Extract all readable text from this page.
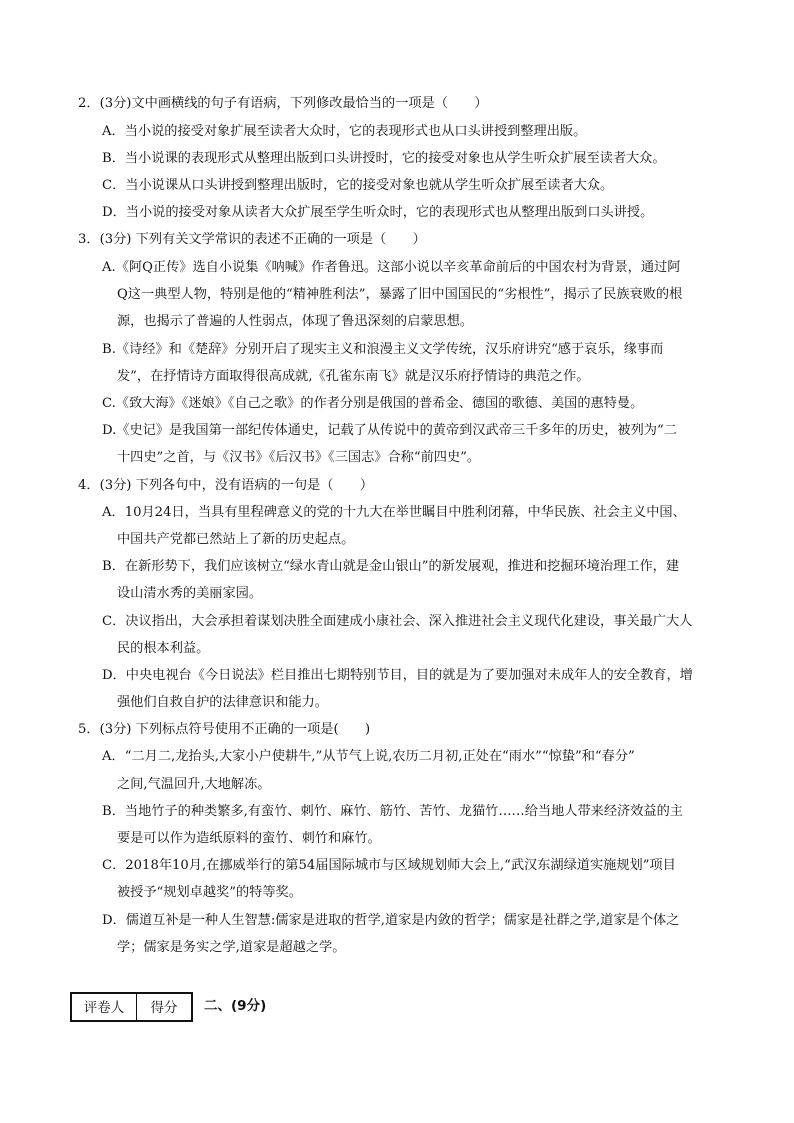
2．(3分)文中画横线的句子有语病，下列修改最恰当的一项是（　　）
A．当小说的接受对象扩展至读者大众时，它的表现形式也从口头讲授到整理出版。
B．当小说课的表现形式从整理出版到口头讲授时，它的接受对象也从学生听众扩展至读者大众。
C．当小说课从口头讲授到整理出版时，它的接受对象也就从学生听众扩展至读者大众。
D．当小说的接受对象从读者大众扩展至学生听众时，它的表现形式也从整理出版到口头讲授。
3．(3分) 下列有关文学常识的表述不正确的一项是（　　）
A.《阿Q正传》选自小说集《呐喊》作者鲁迅。这部小说以辛亥革命前后的中国农村为背景，通过阿
Q这一典型人物，特别是他的“精神胜利法”，暴露了旧中国国民的“劣根性”，揭示了民族衰败的根
源，也揭示了普遍的人性弱点，体现了鲁迅深刻的启蒙思想。
B.《诗经》和《楚辞》分别开启了现实主义和浪漫主义文学传统，汉乐府讲究“感于哀乐，缘事而
发”，在抒情诗方面取得很高成就,《孔雀东南飞》就是汉乐府抒情诗的典范之作。
C.《致大海》《迷娘》《自己之歌》的作者分别是俄国的普希金、德国的歌德、美国的惠特曼。
D.《史记》是我国第一部纪传体通史，记载了从传说中的黄帝到汉武帝三千多年的历史，被列为“二
十四史”之首，与《汉书》《后汉书》《三国志》合称“前四史”。
4．(3分) 下列各句中，没有语病的一句是（　　）
A．10月24日，当具有里程碑意义的党的十九大在举世瞩目中胜利闭幕，中华民族、社会主义中国、
中国共产党都已然站上了新的历史起点。
B．在新形势下，我们应该树立“绿水青山就是金山银山”的新发展观，推进和挖掘环境治理工作，建
设山清水秀的美丽家园。
C．决议指出，大会承担着谋划决胜全面建成小康社会、深入推进社会主义现代化建设，事关最广大人
民的根本利益。
D．中央电视台《今日说法》栏目推出七期特别节目，目的就是为了要加强对未成年人的安全教育，增
强他们自救自护的法律意识和能力。
5．(3分) 下列标点符号使用不正确的一项是(　　)
A．“二月二,龙抬头,大家小户使耕牛,”从节气上说,农历二月初,正处在“雨水”“惊蛰”和“春分”
之间,气温回升,大地解冻。
B．当地竹子的种类繁多,有蛮竹、刺竹、麻竹、筋竹、苦竹、龙猫竹……给当地人带来经济效益的主
要是可以作为造纸原料的蛮竹、刺竹和麻竹。
C．2018年10月,在挪威举行的第54届国际城市与区域规划师大会上,“武汉东湖绿道实施规划”项目
被授予“规划卓越奖”的特等奖。
D．儒道互补是一种人生智慧:儒家是进取的哲学,道家是内敛的哲学；儒家是社群之学,道家是个体之
学；儒家是务实之学,道家是超越之学。
评卷人	得分	二、(9分)
